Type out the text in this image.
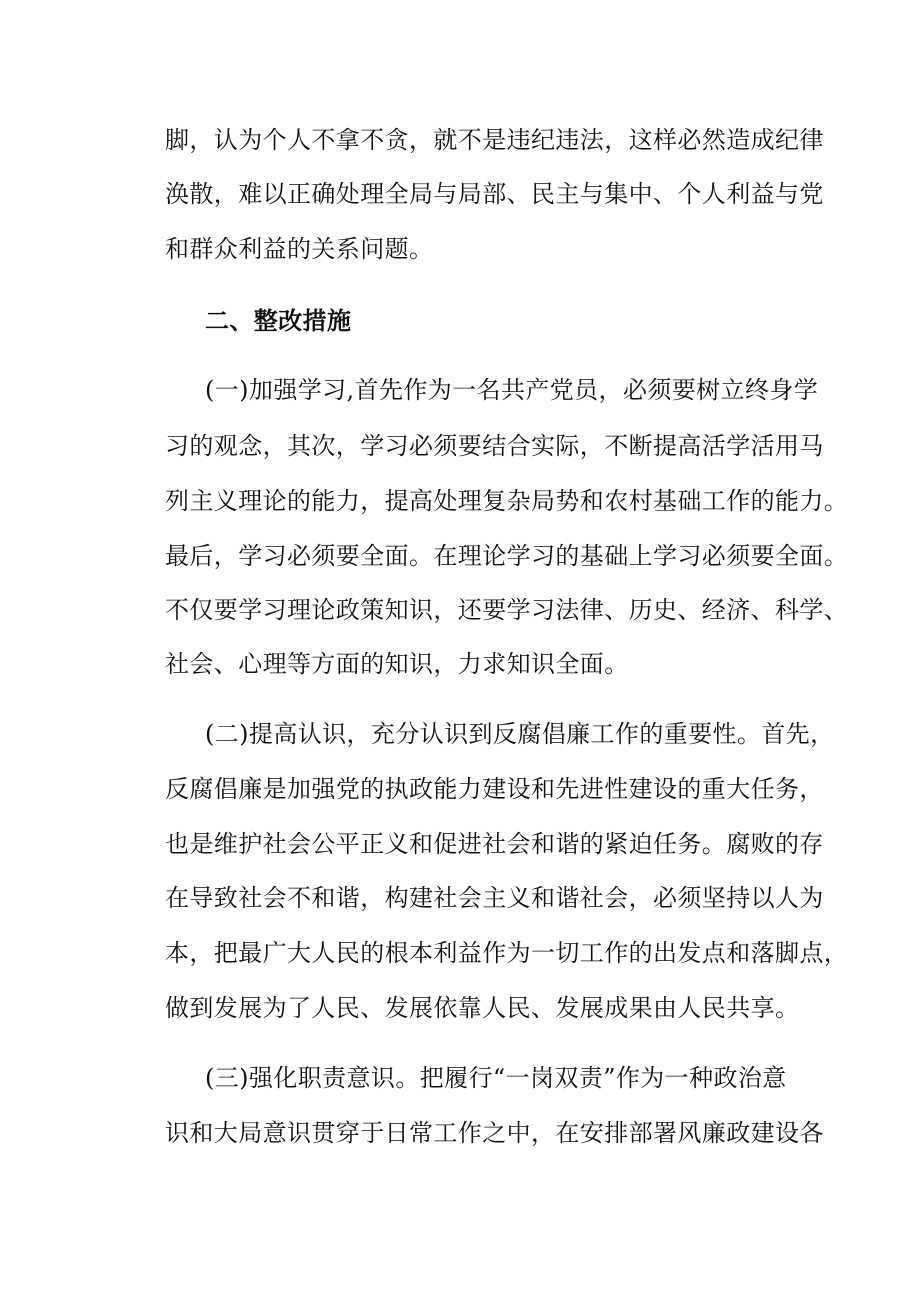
脚，认为个人不拿不贪，就不是违纪违法，这样必然造成纪律
涣散，难以正确处理全局与局部、民主与集中、个人利益与党
和群众利益的关系问题。
二、整改措施
(一)加强学习,首先作为一名共产党员，必须要树立终身学
习的观念，其次，学习必须要结合实际，不断提高活学活用马
列主义理论的能力，提高处理复杂局势和农村基础工作的能力。
最后，学习必须要全面。在理论学习的基础上学习必须要全面。
不仅要学习理论政策知识，还要学习法律、历史、经济、科学、
社会、心理等方面的知识，力求知识全面。
(二)提高认识，充分认识到反腐倡廉工作的重要性。首先，
反腐倡廉是加强党的执政能力建设和先进性建设的重大任务，
也是维护社会公平正义和促进社会和谐的紧迫任务。腐败的存
在导致社会不和谐，构建社会主义和谐社会，必须坚持以人为
本，把最广大人民的根本利益作为一切工作的出发点和落脚点，
做到发展为了人民、发展依靠人民、发展成果由人民共享。
(三)强化职责意识。把履行“一岗双责”作为一种政治意
识和大局意识贯穿于日常工作之中，在安排部署风廉政建设各
